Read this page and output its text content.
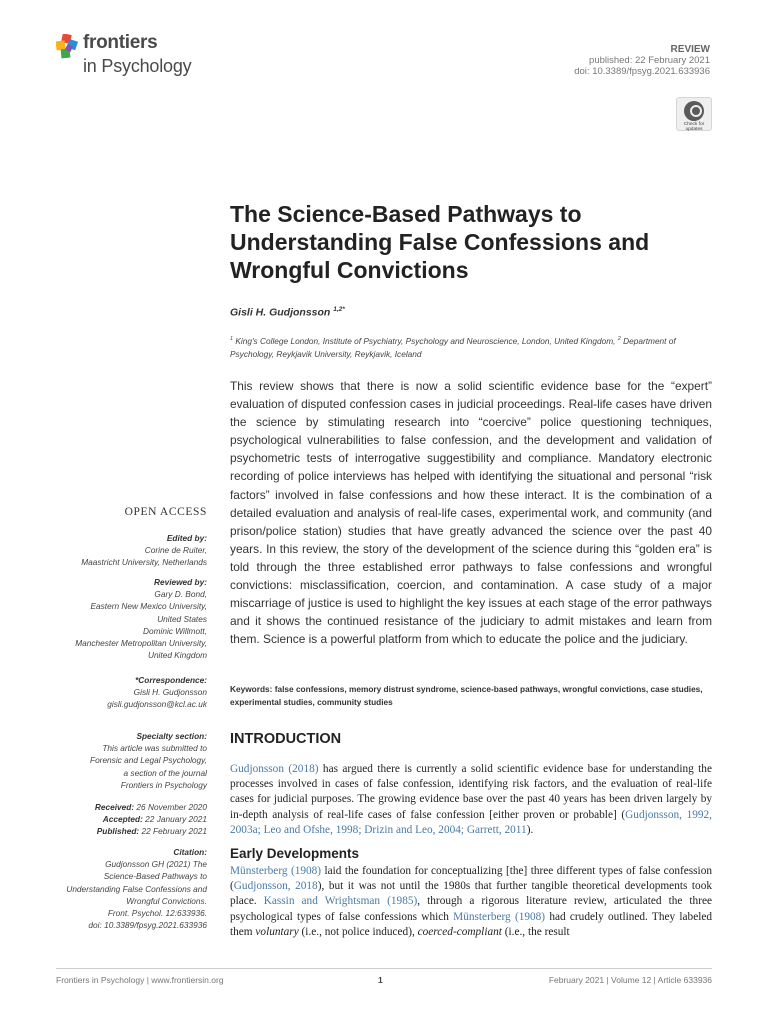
frontiers
in Psychology
REVIEW
published: 22 February 2021
doi: 10.3389/fpsyg.2021.633936
Check for updates
The Science-Based Pathways to Understanding False Confessions and Wrongful Convictions
Gisli H. Gudjonsson $^{1,2*}$
$^1$ King's College London, Institute of Psychiatry, Psychology and Neuroscience, London, United Kingdom, $^2$ Department of Psychology, Reykjavik University, Reykjavik, Iceland

This review shows that there is now a solid scientific evidence base for the “expert” evaluation of disputed confession cases in judicial proceedings. Real-life cases have driven the science by stimulating research into “coercive” police questioning techniques, psychological vulnerabilities to false confession, and the development and validation of psychometric tests of interrogative suggestibility and compliance. Mandatory electronic recording of police interviews has helped with identifying the situational and personal “risk factors” involved in false confessions and how these interact. It is the combination of a detailed evaluation and analysis of real-life cases, experimental work, and community (and prison/police station) studies that have greatly advanced the science over the past 40 years. In this review, the story of the development of the science during this “golden era” is told through the three established error pathways to false confessions and wrongful convictions: misclassification, coercion, and contamination. A case study of a major miscarriage of justice is used to highlight the key issues at each stage of the error pathways and it shows the continued resistance of the judiciary to admit mistakes and learn from them. Science is a powerful platform from which to educate the police and the judiciary.

Keywords: false confessions, memory distrust syndrome, science-based pathways, wrongful convictions, case studies, experimental studies, community studies

INTRODUCTION

Gudjonsson (2018) has argued there is currently a solid scientific evidence base for understanding the processes involved in cases of false confession, identifying risk factors, and the evaluation of real-life cases for judicial purposes. The growing evidence base over the past 40 years has been driven largely by in-depth analysis of real-life cases of false confession [either proven or probable] (Gudjonsson, 1992, 2003a; Leo and Ofshe, 1998; Drizin and Leo, 2004; Garrett, 2011).

Early Developments

Münsterberg (1908) laid the foundation for conceptualizing [the] three different types of false confession (Gudjonsson, 2018), but it was not until the 1980s that further tangible theoretical developments took place. Kassin and Wrightsman (1985), through a rigorous literature review, articulated the three psychological types of false confessions which Münsterberg (1908) had crudely outlined. They labeled them voluntary (i.e., not police induced), coerced-compliant (i.e., the result

OPEN ACCESS
Edited by:
Corine de Ruiter,
Maastricht University, Netherlands
Reviewed by:
Gary D. Bond,
Eastern New Mexico University,
United States
Dominic Willmott,
Manchester Metropolitan University,
United Kingdom
*Correspondence:
Gisli H. Gudjonsson
gisli.gudjonsson@kcl.ac.uk
Specialty section:
This article was submitted to
Forensic and Legal Psychology,
a section of the journal
Frontiers in Psychology
Received: 26 November 2020
Accepted: 22 January 2021
Published: 22 February 2021
Citation:
Gudjonsson GH (2021) The
Science-Based Pathways to
Understanding False Confessions and
Wrongful Convictions.
Front. Psychol. 12:633936.
doi: 10.3389/fpsyg.2021.633936
Frontiers in Psychology | www.frontiersin.org	1	February 2021 | Volume 12 | Article 633936
